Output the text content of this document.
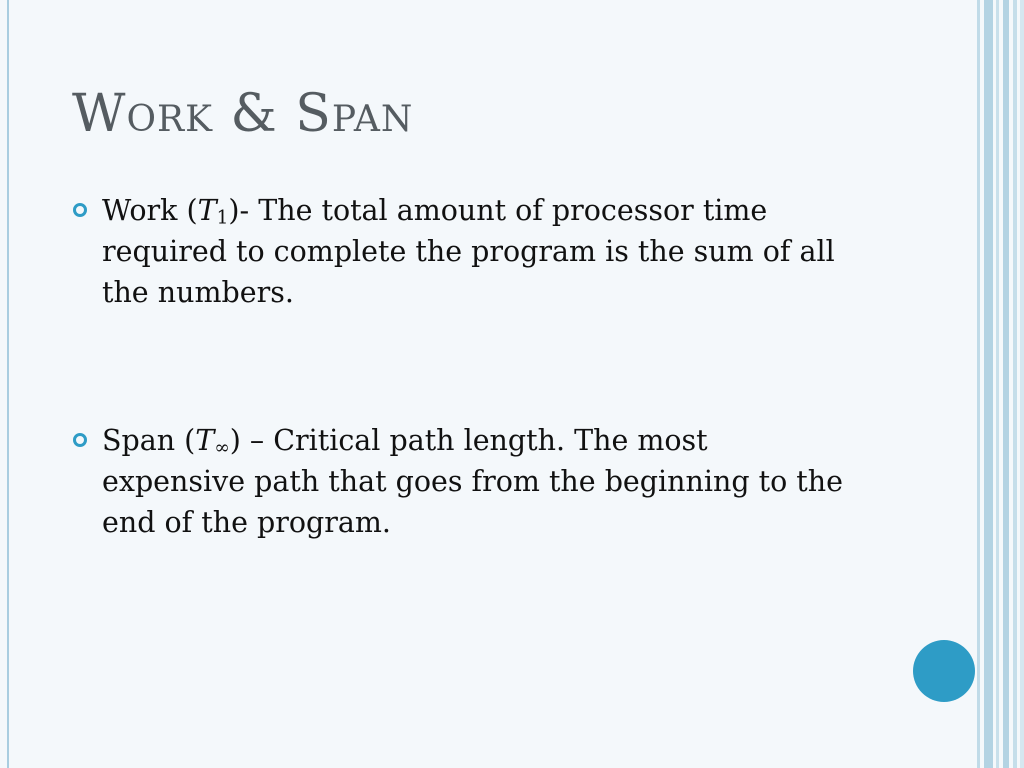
Work & Span
Work $(T_1)-$ The total amount of processor time required to complete the program is the sum of all the numbers.
Span $(T_\infty)$ – Critical path length. The most expensive path that goes from the beginning to the end of the program.
